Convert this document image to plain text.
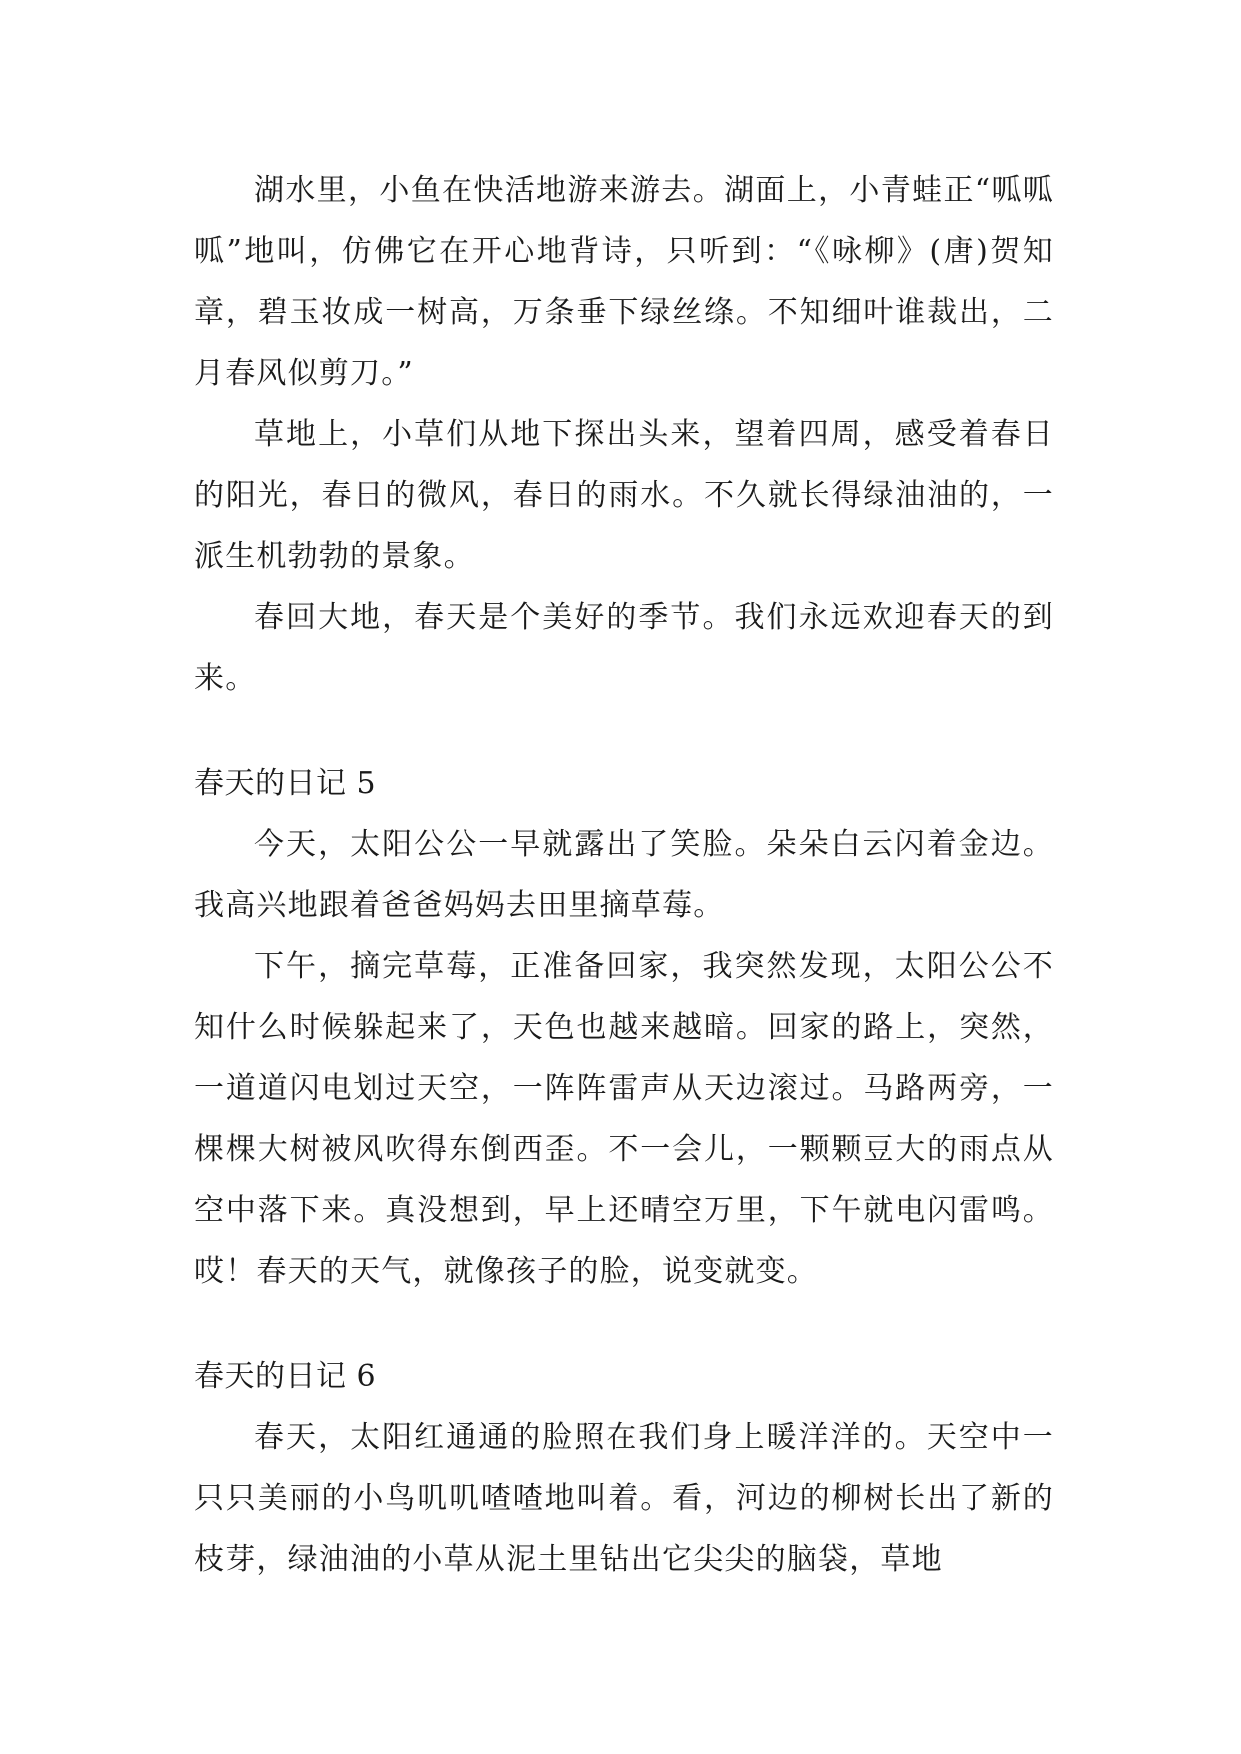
湖水里，小鱼在快活地游来游去。湖面上，小青蛙正“呱呱呱”地叫，仿佛它在开心地背诗，只听到：“《咏柳》(唐)贺知章，碧玉妆成一树高，万条垂下绿丝绦。不知细叶谁裁出，二月春风似剪刀。”

草地上，小草们从地下探出头来，望着四周，感受着春日的阳光，春日的微风，春日的雨水。不久就长得绿油油的，一派生机勃勃的景象。

春回大地，春天是个美好的季节。我们永远欢迎春天的到来。

春天的日记 5

今天，太阳公公一早就露出了笑脸。朵朵白云闪着金边。我高兴地跟着爸爸妈妈去田里摘草莓。

下午，摘完草莓，正准备回家，我突然发现，太阳公公不知什么时候躲起来了，天色也越来越暗。回家的路上，突然，一道道闪电划过天空，一阵阵雷声从天边滚过。马路两旁，一棵棵大树被风吹得东倒西歪。不一会儿，一颗颗豆大的雨点从空中落下来。真没想到，早上还晴空万里，下午就电闪雷鸣。哎！春天的天气，就像孩子的脸，说变就变。

春天的日记 6

春天，太阳红通通的脸照在我们身上暖洋洋的。天空中一只只美丽的小鸟叽叽喳喳地叫着。看，河边的柳树长出了新的枝芽，绿油油的小草从泥土里钻出它尖尖的脑袋，草地
